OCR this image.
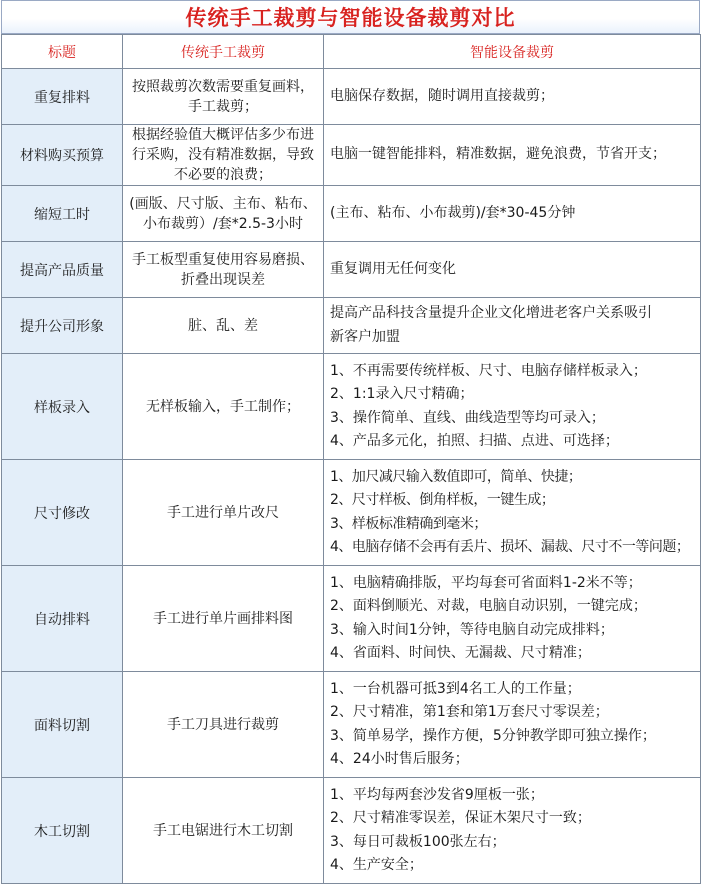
传统手工裁剪与智能设备裁剪对比
标题	传统手工裁剪	智能设备裁剪
重复排料	按照裁剪次数需要重复画料，手工裁剪；	电脑保存数据，随时调用直接裁剪；

材料购买预算	根据经验值大概评估多少布进行采购，没有精准数据，导致不必要的浪费；	电脑一键智能排料，精准数据，避免浪费，节省开支；

缩短工时	(画版、尺寸版、主布、粘布、小布裁剪）/套*2.5-3小时	(主布、粘布、小布裁剪)/套*30-45分钟

提高产品质量	手工板型重复使用容易磨损、折叠出现误差	重复调用无任何变化

提升公司形象	脏、乱、差	提高产品科技含量提升企业文化增进老客户关系吸引
新客户加盟

样板录入	无样板输入，手工制作；	1、不再需要传统样板、尺寸、电脑存储样板录入；
2、1:1录入尺寸精确；
3、操作简单、直线、曲线造型等均可录入；
4、产品多元化，拍照、扫描、点进、可选择；

尺寸修改	手工进行单片改尺	1、加尺减尺输入数值即可，简单、快捷；
2、尺寸样板、倒角样板，一键生成；
3、样板标准精确到毫米；
4、电脑存储不会再有丢片、损坏、漏裁、尺寸不一等问题；

自动排料	手工进行单片画排料图	1、电脑精确排版，平均每套可省面料1-2米不等；
2、面料倒顺光、对裁，电脑自动识别，一键完成；
3、输入时间1分钟，等待电脑自动完成排料；
4、省面料、时间快、无漏裁、尺寸精准；

面料切割	手工刀具进行裁剪	1、一台机器可抵3到4名工人的工作量；
2、尺寸精准，第1套和第1万套尺寸零误差；
3、简单易学，操作方便，5分钟教学即可独立操作；
4、24小时售后服务；

木工切割	手工电锯进行木工切割	1、平均每两套沙发省9厘板一张；
2、尺寸精准零误差，保证木架尺寸一致；
3、每日可裁板100张左右；
4、生产安全；
